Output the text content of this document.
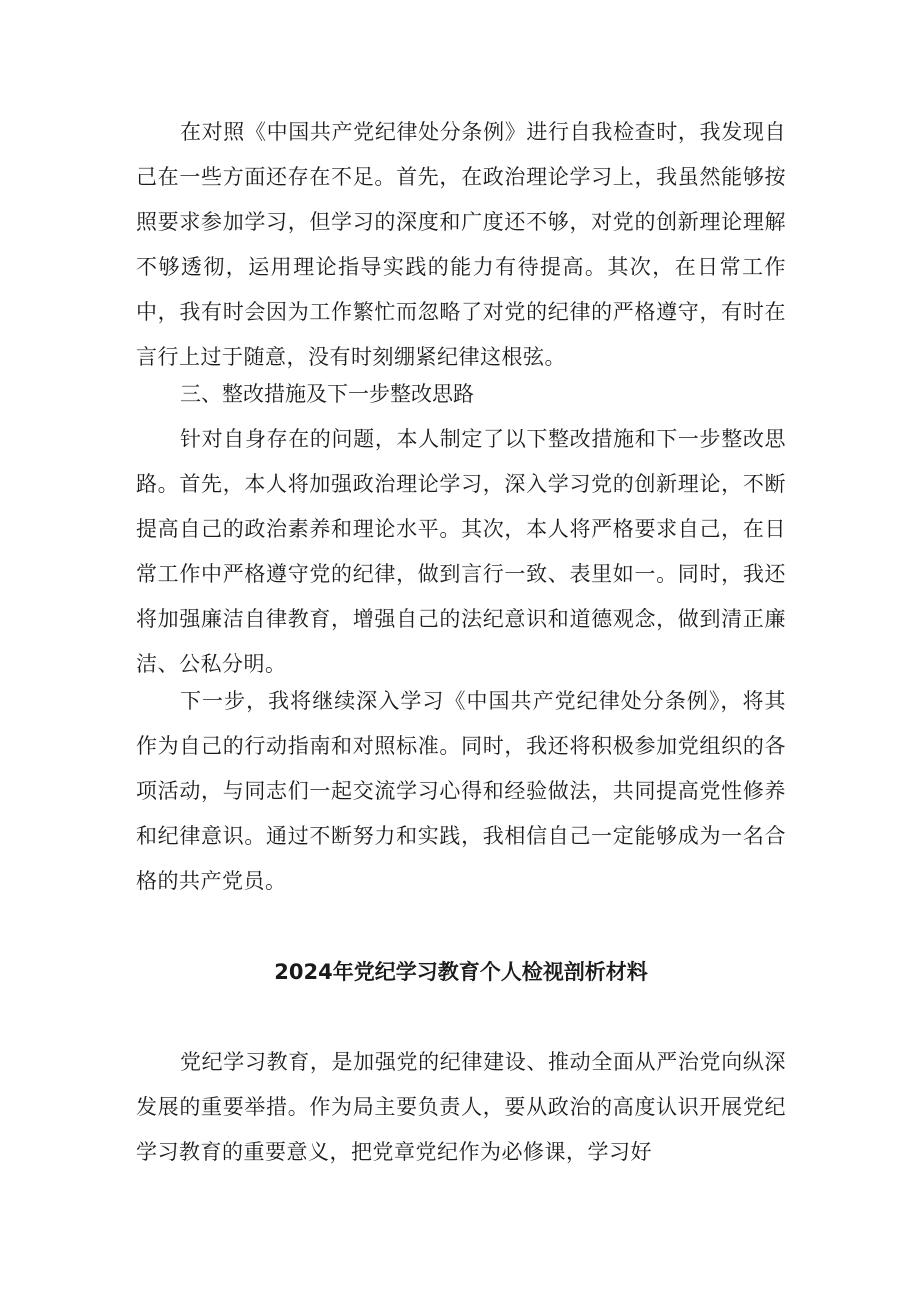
在对照《中国共产党纪律处分条例》进行自我检查时，我发现自己在一些方面还存在不足。首先，在政治理论学习上，我虽然能够按照要求参加学习，但学习的深度和广度还不够，对党的创新理论理解不够透彻，运用理论指导实践的能力有待提高。其次，在日常工作中，我有时会因为工作繁忙而忽略了对党的纪律的严格遵守，有时在言行上过于随意，没有时刻绷紧纪律这根弦。

三、整改措施及下一步整改思路

针对自身存在的问题，本人制定了以下整改措施和下一步整改思路。首先，本人将加强政治理论学习，深入学习党的创新理论，不断提高自己的政治素养和理论水平。其次，本人将严格要求自己，在日常工作中严格遵守党的纪律，做到言行一致、表里如一。同时，我还将加强廉洁自律教育，增强自己的法纪意识和道德观念，做到清正廉洁、公私分明。

下一步，我将继续深入学习《中国共产党纪律处分条例》，将其作为自己的行动指南和对照标准。同时，我还将积极参加党组织的各项活动，与同志们一起交流学习心得和经验做法，共同提高党性修养和纪律意识。通过不断努力和实践，我相信自己一定能够成为一名合格的共产党员。

2024年党纪学习教育个人检视剖析材料

党纪学习教育，是加强党的纪律建设、推动全面从严治党向纵深发展的重要举措。作为局主要负责人，要从政治的高度认识开展党纪学习教育的重要意义，把党章党纪作为必修课，学习好
